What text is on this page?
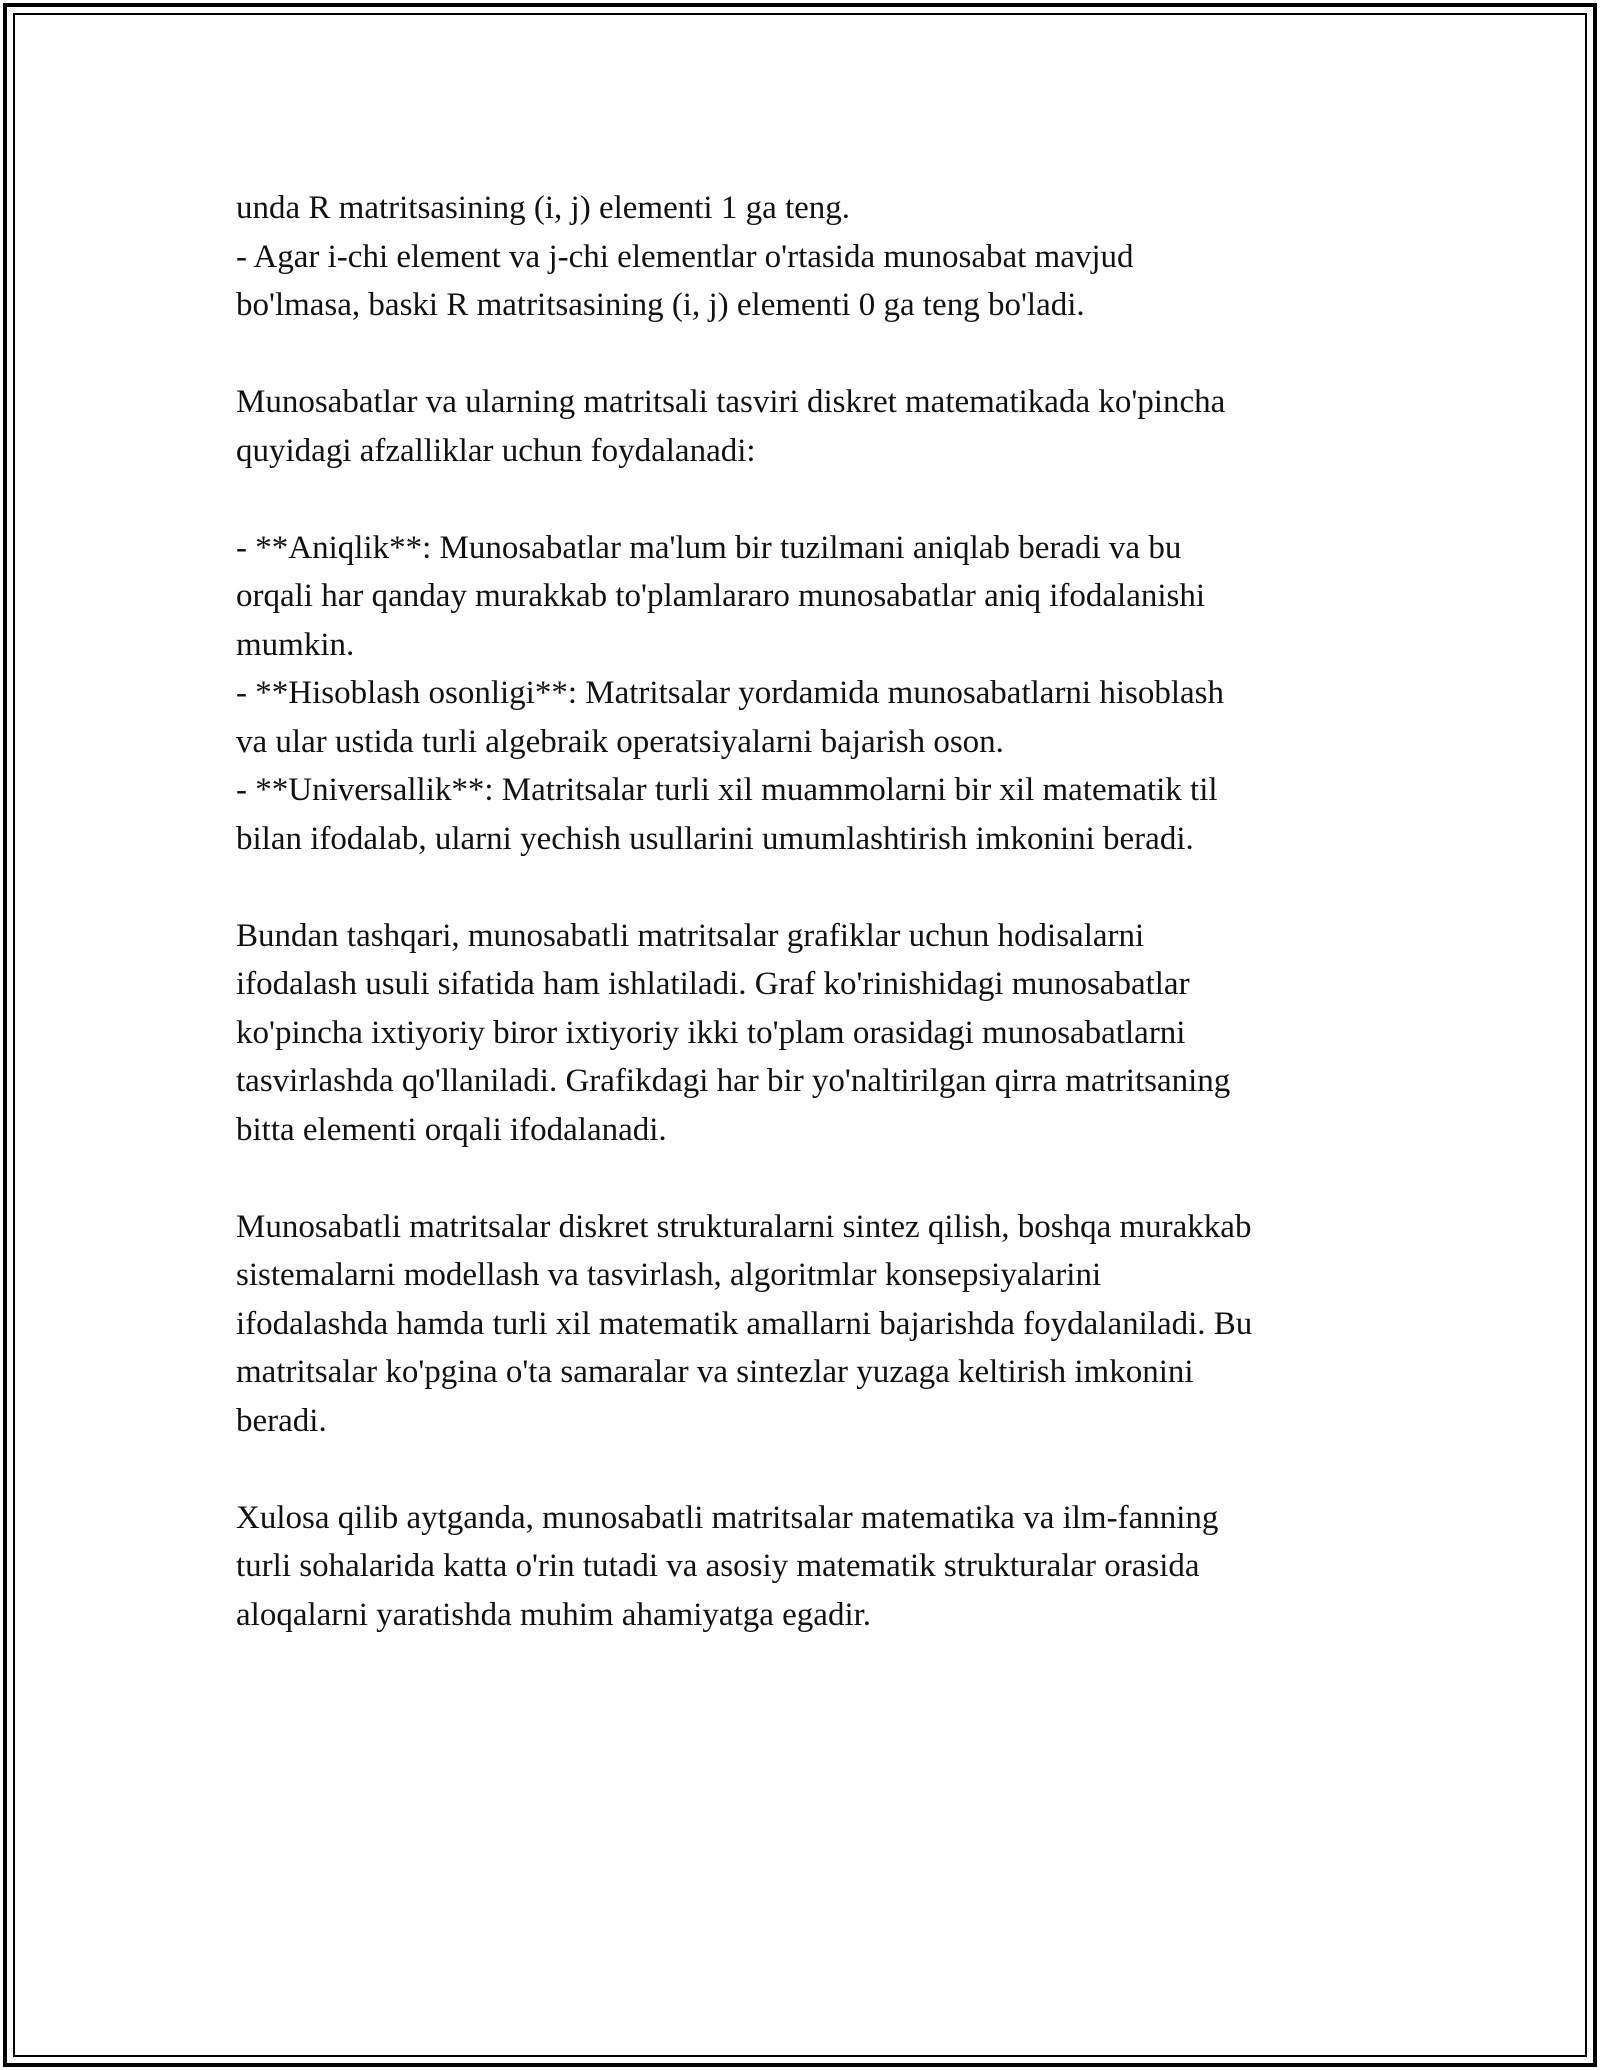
unda R matritsasining (i, j) elementi 1 ga teng.
- Agar i-chi element va j-chi elementlar o'rtasida munosabat mavjud
bo'lmasa, baski R matritsasining (i, j) elementi 0 ga teng bo'ladi.
Munosabatlar va ularning matritsali tasviri diskret matematikada ko'pincha
quyidagi afzalliklar uchun foydalanadi:
- **Aniqlik**: Munosabatlar ma'lum bir tuzilmani aniqlab beradi va bu
orqali har qanday murakkab to'plamlararo munosabatlar aniq ifodalanishi
mumkin.
- **Hisoblash osonligi**: Matritsalar yordamida munosabatlarni hisoblash
va ular ustida turli algebraik operatsiyalarni bajarish oson.
- **Universallik**: Matritsalar turli xil muammolarni bir xil matematik til
bilan ifodalab, ularni yechish usullarini umumlashtirish imkonini beradi.
Bundan tashqari, munosabatli matritsalar grafiklar uchun hodisalarni
ifodalash usuli sifatida ham ishlatiladi. Graf ko'rinishidagi munosabatlar
ko'pincha ixtiyoriy biror ixtiyoriy ikki to'plam orasidagi munosabatlarni
tasvirlashda qo'llaniladi. Grafikdagi har bir yo'naltirilgan qirra matritsaning
bitta elementi orqali ifodalanadi.
Munosabatli matritsalar diskret strukturalarni sintez qilish, boshqa murakkab
sistemalarni modellash va tasvirlash, algoritmlar konsepsiyalarini
ifodalashda hamda turli xil matematik amallarni bajarishda foydalaniladi. Bu
matritsalar ko'pgina o'ta samaralar va sintezlar yuzaga keltirish imkonini
beradi.
Xulosa qilib aytganda, munosabatli matritsalar matematika va ilm-fanning
turli sohalarida katta o'rin tutadi va asosiy matematik strukturalar orasida
aloqalarni yaratishda muhim ahamiyatga egadir.
